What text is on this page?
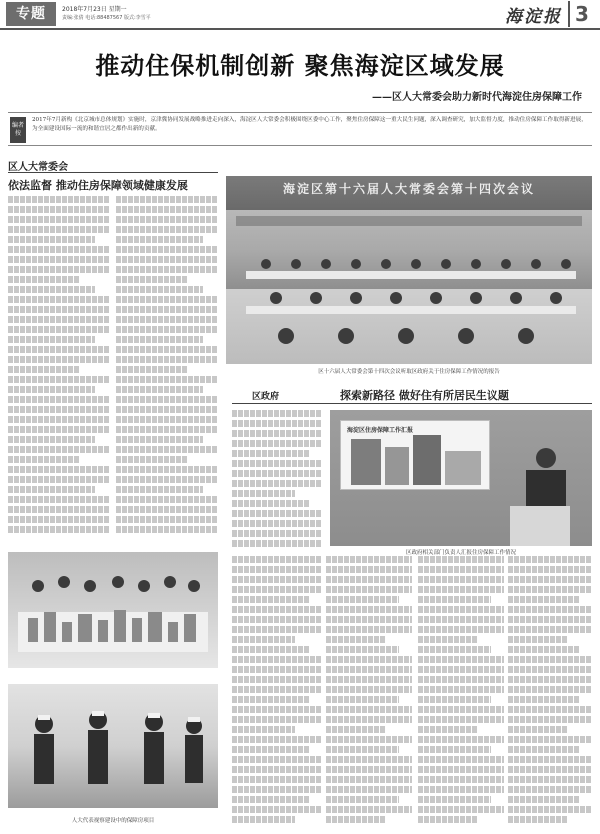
专题	2018年7月23日 星期一
责编:张倩 电话:88487567 版式:李雪平	海淀报 3
推动住保机制创新 聚焦海淀区域发展
——区人大常委会助力新时代海淀住房保障工作
编者按
2017年7月新构《北京城市总体规划》实施时，京津冀协同发展战略推进走向深入，海淀区人大常委会积极围绕区委中心工作，聚焦住房保障这一重大民生问题，深入调查研究，加大监督力度，推动住房保障工作取得新进展，为全面建设国际一流的和谐宜居之都作出新的贡献。
区人大常委会
依法监督 推动住房保障领域健康发展	海淀区第十六届人大常委会第十四次会议
区十六届人大常委会第十四次会议听取区政府关于住房保障工作情况的报告
区政府	探索新路径 做好住有所居民生议题
海淀区住房保障工作汇报
区政府相关部门负责人汇报住房保障工作情况
人大代表视察建设中的保障房项目
